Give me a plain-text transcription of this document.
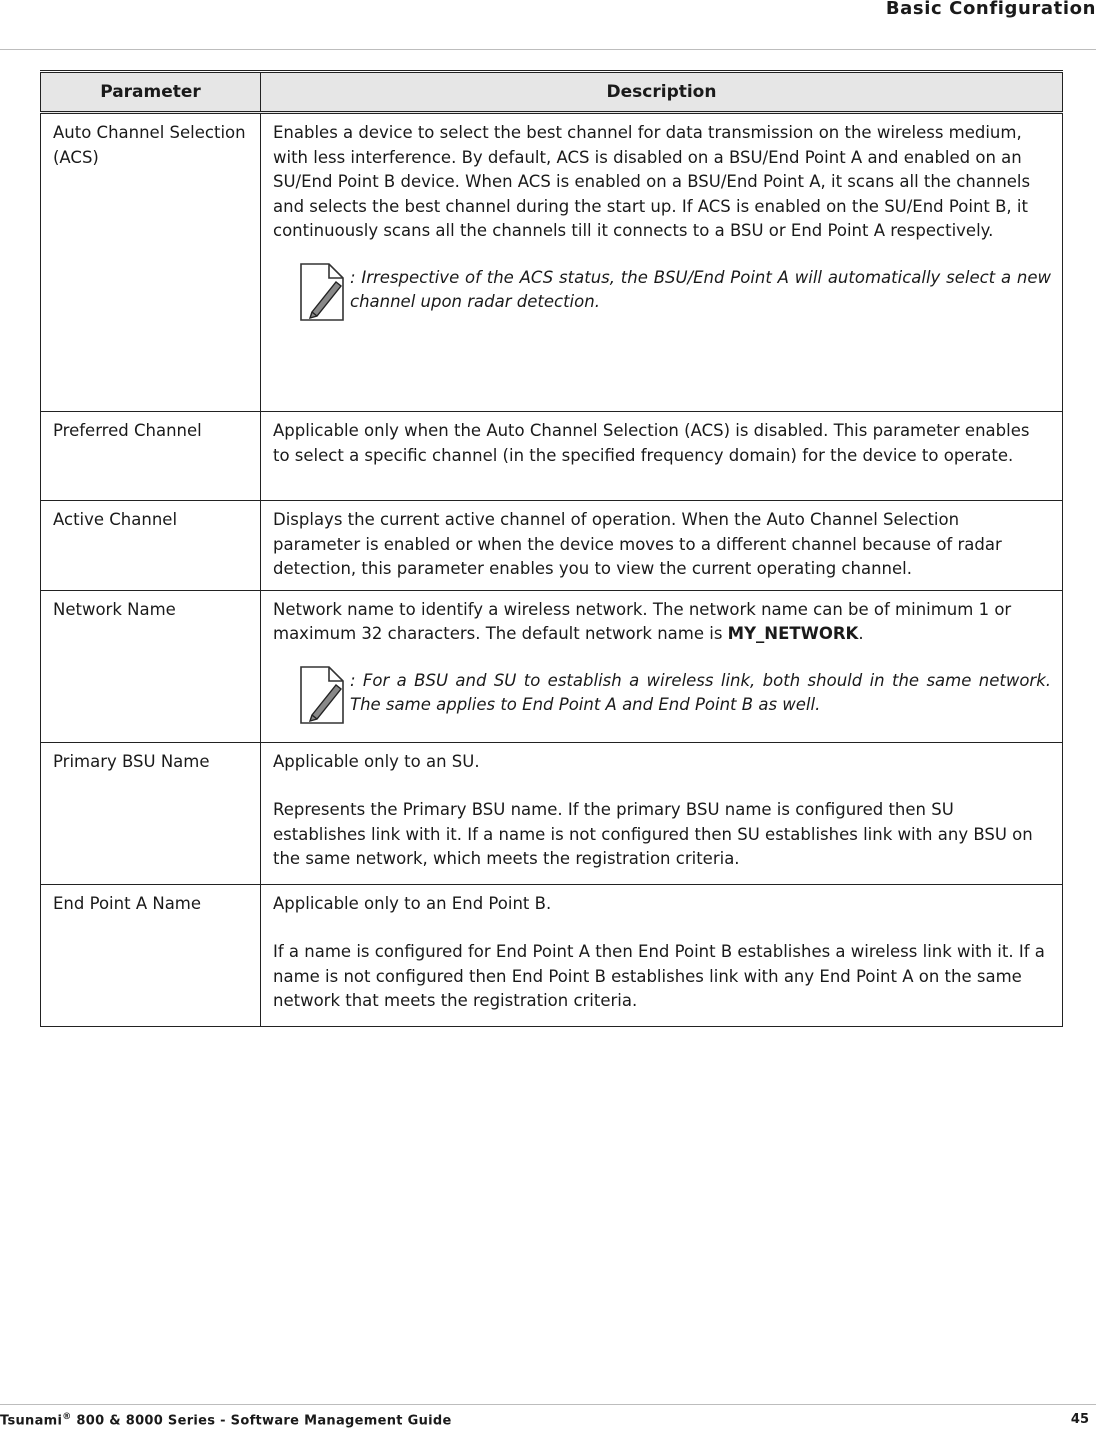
Basic Configuration
Parameter	Description
Auto Channel Selection (ACS)	Enables a device to select the best channel for data transmission on the wireless medium, with less interference. By default, ACS is disabled on a BSU/End Point A and enabled on an SU/End Point B device. When ACS is enabled on a BSU/End Point A, it scans all the channels and selects the best channel during the start up. If ACS is enabled on the SU/End Point B, it continuously scans all the channels till it connects to a BSU or End Point A respectively.

: Irrespective of the ACS status, the BSU/End Point A will automatically select a new channel upon radar detection.

Preferred Channel	Applicable only when the Auto Channel Selection (ACS) is disabled. This parameter enables to select a specific channel (in the specified frequency domain) for the device to operate.

Active Channel	Displays the current active channel of operation. When the Auto Channel Selection parameter is enabled or when the device moves to a different channel because of radar detection, this parameter enables you to view the current operating channel.

Network Name	Network name to identify a wireless network. The network name can be of minimum 1 or maximum 32 characters. The default network name is MY_NETWORK.

: For a BSU and SU to establish a wireless link, both should in the same network. The same applies to End Point A and End Point B as well.

Primary BSU Name	Applicable only to an SU.

Represents the Primary BSU name. If the primary BSU name is configured then SU establishes link with it. If a name is not configured then SU establishes link with any BSU on the same network, which meets the registration criteria.

End Point A Name	Applicable only to an End Point B.

If a name is configured for End Point A then End Point B establishes a wireless link with it. If a name is not configured then End Point B establishes link with any End Point A on the same network that meets the registration criteria.

Tsunami® 800 & 8000 Series - Software Management Guide	45
